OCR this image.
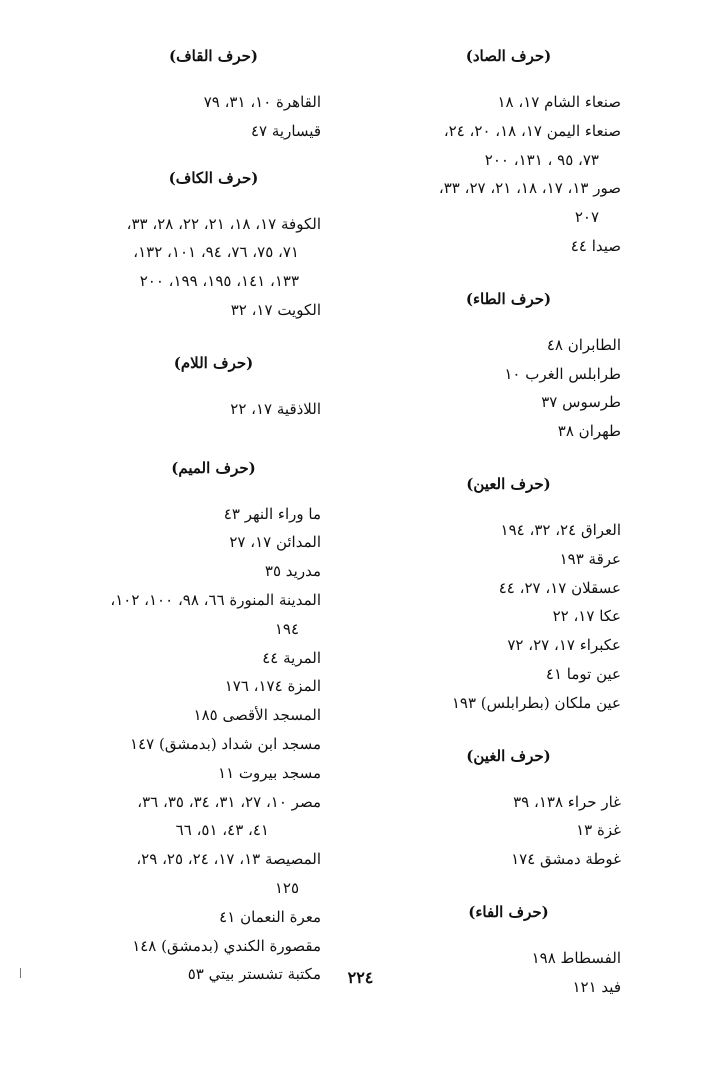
(حرف الصاد)
صنعاء الشام ١٧، ١٨
صنعاء اليمن ١٧، ١٨، ٢٠، ٢٤،
٧٣، ٩٥ ، ١٣١، ٢٠٠
صور ١٣، ١٧، ١٨، ٢١، ٢٧، ٣٣،
٢٠٧
صيدا ٤٤
(حرف الطاء)
الطابران ٤٨
طرابلس الغرب ١٠
طرسوس ٣٧
طهران ٣٨
(حرف العين)
العراق ٢٤، ٣٢، ١٩٤
عرقة ١٩٣
عسقلان ١٧، ٢٧، ٤٤
عكا ١٧، ٢٢
عكبراء ١٧، ٢٧، ٧٢
عين توما ٤١
عين ملكان (بطرابلس) ١٩٣
(حرف الغين)
غار حراء ١٣٨، ٣٩
غزة ١٣
غوطة دمشق ١٧٤
(حرف الفاء)
الفسطاط ١٩٨
فيد ١٢١
(حرف القاف)
القاهرة ١٠، ٣١، ٧٩
قيسارية ٤٧
(حرف الكاف)
الكوفة ١٧، ١٨، ٢١، ٢٢، ٢٨، ٣٣،
٧١، ٧٥، ٧٦، ٩٤، ١٠١، ١٣٢،
١٣٣، ١٤١، ١٩٥، ١٩٩، ٢٠٠
الكويت ١٧، ٣٢
(حرف اللام)
اللاذقية ١٧، ٢٢
(حرف الميم)
ما وراء النهر ٤٣
المدائن ١٧، ٢٧
مدريد ٣٥
المدينة المنورة ٦٦، ٩٨، ١٠٠، ١٠٢،
١٩٤
المرية ٤٤
المزة ١٧٤، ١٧٦
المسجد الأقصى ١٨٥
مسجد ابن شداد (بدمشق) ١٤٧
مسجد بيروت ١١
مصر ١٠، ٢٧، ٣١، ٣٤، ٣٥، ٣٦،
٤١، ٤٣، ٥١، ٦٦
المصيصة ١٣، ١٧، ٢٤، ٢٥، ٢٩،
١٢٥
معرة النعمان ٤١
مقصورة الكندي (بدمشق) ١٤٨
مكتبة تشستر بيتي ٥٣	٢٢٤
